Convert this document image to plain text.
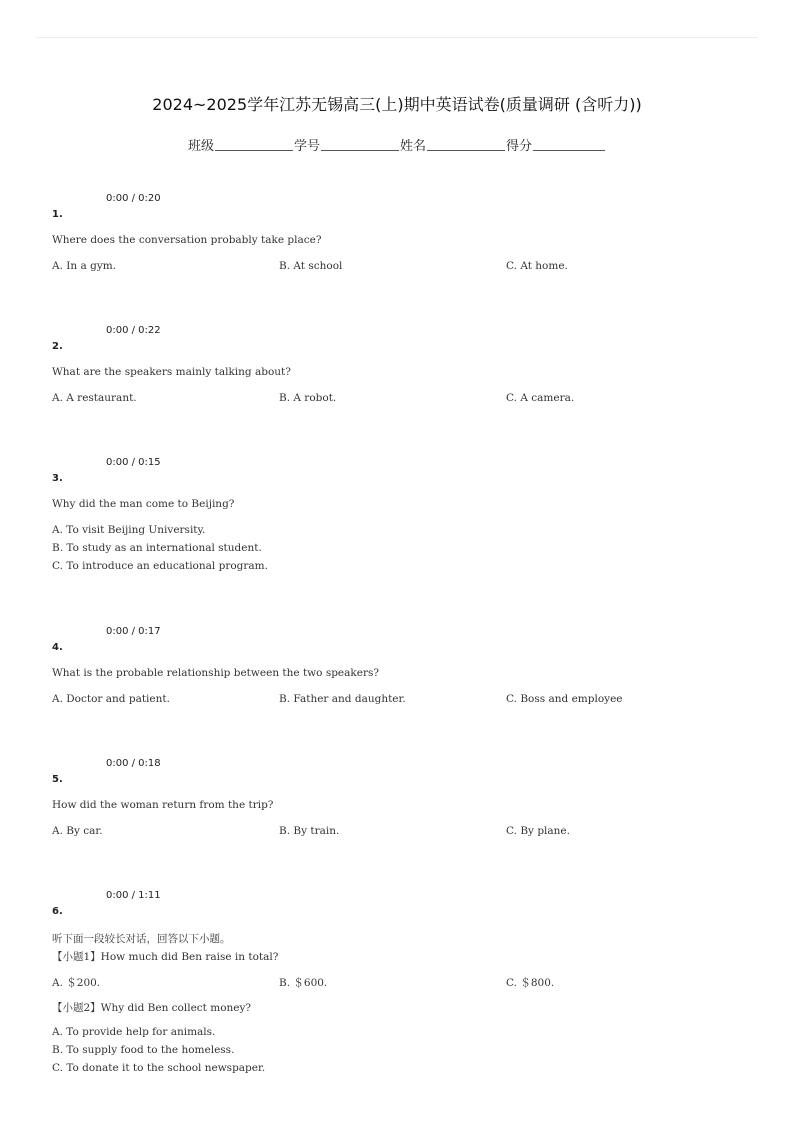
2024~2025学年江苏无锡高三(上)期中英语试卷(质量调研 (含听力))
班级	学号	姓名	得分
0:00 / 0:20
1.
Where does the conversation probably take place?
A. In a gym.	B. At school	C. At home.
0:00 / 0:22
2.
What are the speakers mainly talking about?
A. A restaurant.	B. A robot.	C. A camera.
0:00 / 0:15
3.
Why did the man come to Beijing?
A. To visit Beijing University.
B. To study as an international student.
C. To introduce an educational program.
0:00 / 0:17
4.
What is the probable relationship between the two speakers?
A. Doctor and patient.	B. Father and daughter.	C. Boss and employee
0:00 / 0:18
5.
How did the woman return from the trip?
A. By car.	B. By train.	C. By plane.
0:00 / 1:11
6.
听下面一段较长对话，回答以下小题。
【小题1】How much did Ben raise in total?
A. ＄200.	B. ＄600.	C. ＄800.
【小题2】Why did Ben collect money?
A. To provide help for animals.
B. To supply food to the homeless.
C. To donate it to the school newspaper.
